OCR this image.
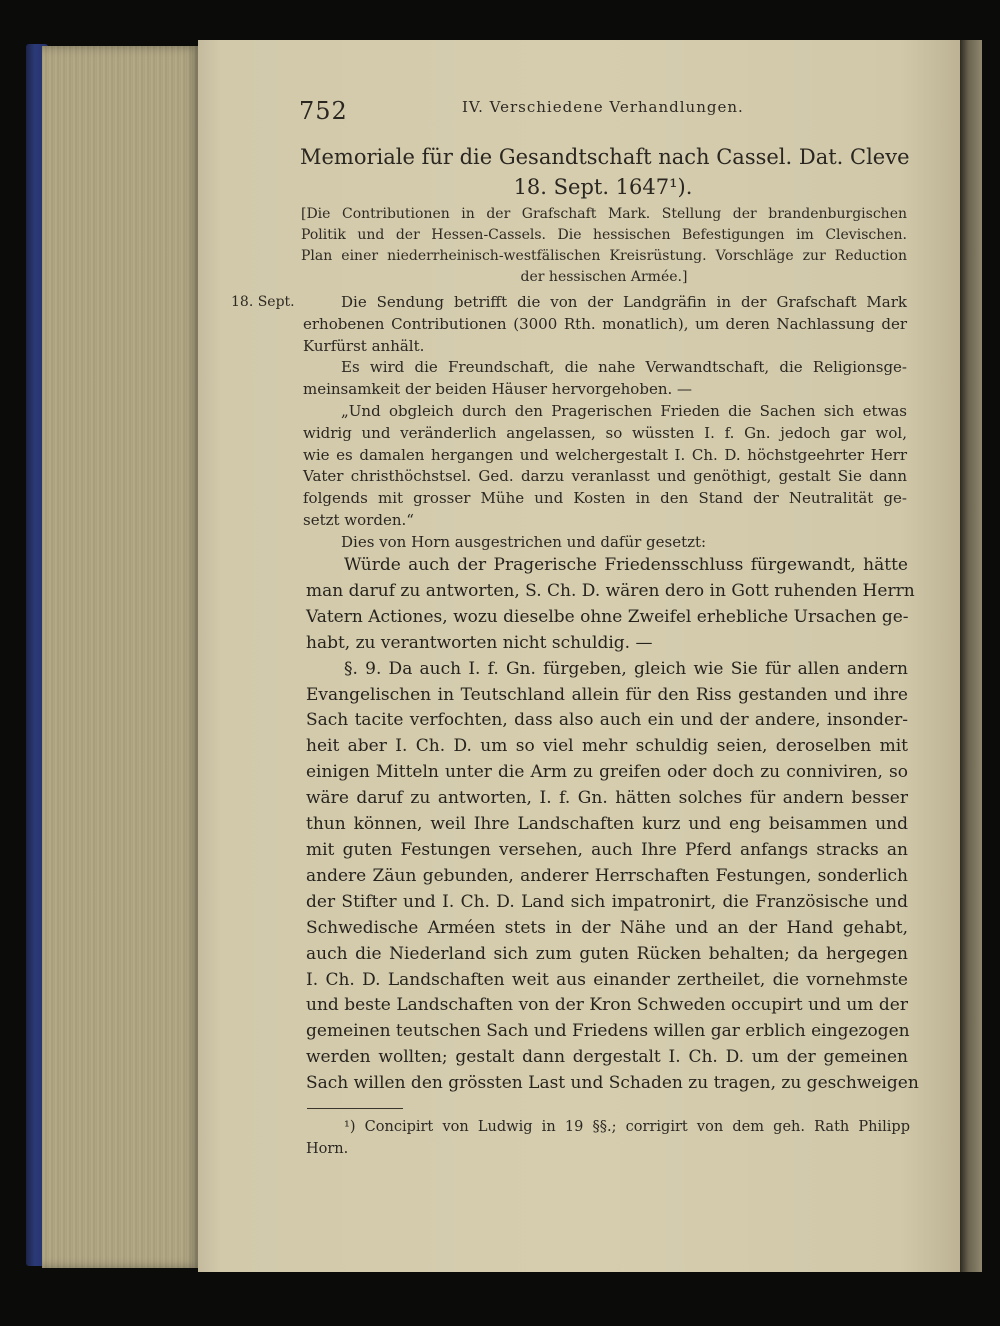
752	IV. Verschiedene Verhandlungen.
Memoriale für die Gesandtschaft nach Cassel. Dat. Cleve
18. Sept. 1647¹).
[Die Contributionen in der Grafschaft Mark. Stellung der brandenburgischen
Politik und der Hessen-Cassels. Die hessischen Befestigungen im Clevischen.
Plan einer niederrheinisch-westfälischen Kreisrüstung. Vorschläge zur Reduction
der hessischen Armée.]
18. Sept.	Die Sendung betrifft die von der Landgräfin in der Grafschaft Mark
erhobenen Contributionen (3000 Rth. monatlich), um deren Nachlassung der
Kurfürst anhält.
Es wird die Freundschaft, die nahe Verwandtschaft, die Religionsge-
meinsamkeit der beiden Häuser hervorgehoben. —
„Und obgleich durch den Pragerischen Frieden die Sachen sich etwas
widrig und veränderlich angelassen, so wüssten I. f. Gn. jedoch gar wol,
wie es damalen hergangen und welchergestalt I. Ch. D. höchstgeehrter Herr
Vater christhöchstsel. Ged. darzu veranlasst und genöthigt, gestalt Sie dann
folgends mit grosser Mühe und Kosten in den Stand der Neutralität ge-
setzt worden.“
Dies von Horn ausgestrichen und dafür gesetzt:
Würde auch der Pragerische Friedensschluss fürgewandt, hätte
man daruf zu antworten, S. Ch. D. wären dero in Gott ruhenden Herrn
Vatern Actiones, wozu dieselbe ohne Zweifel erhebliche Ursachen ge-
habt, zu verantworten nicht schuldig. —
§. 9. Da auch I. f. Gn. fürgeben, gleich wie Sie für allen andern
Evangelischen in Teutschland allein für den Riss gestanden und ihre
Sach tacite verfochten, dass also auch ein und der andere, insonder-
heit aber I. Ch. D. um so viel mehr schuldig seien, deroselben mit
einigen Mitteln unter die Arm zu greifen oder doch zu conniviren, so
wäre daruf zu antworten, I. f. Gn. hätten solches für andern besser
thun können, weil Ihre Landschaften kurz und eng beisammen und
mit guten Festungen versehen, auch Ihre Pferd anfangs stracks an
andere Zäun gebunden, anderer Herrschaften Festungen, sonderlich
der Stifter und I. Ch. D. Land sich impatronirt, die Französische und
Schwedische Arméen stets in der Nähe und an der Hand gehabt,
auch die Niederland sich zum guten Rücken behalten; da hergegen
I. Ch. D. Landschaften weit aus einander zertheilet, die vornehmste
und beste Landschaften von der Kron Schweden occupirt und um der
gemeinen teutschen Sach und Friedens willen gar erblich eingezogen
werden wollten; gestalt dann dergestalt I. Ch. D. um der gemeinen
Sach willen den grössten Last und Schaden zu tragen, zu geschweigen
¹) Concipirt von Ludwig in 19 §§.; corrigirt von dem geh. Rath Philipp
Horn.
